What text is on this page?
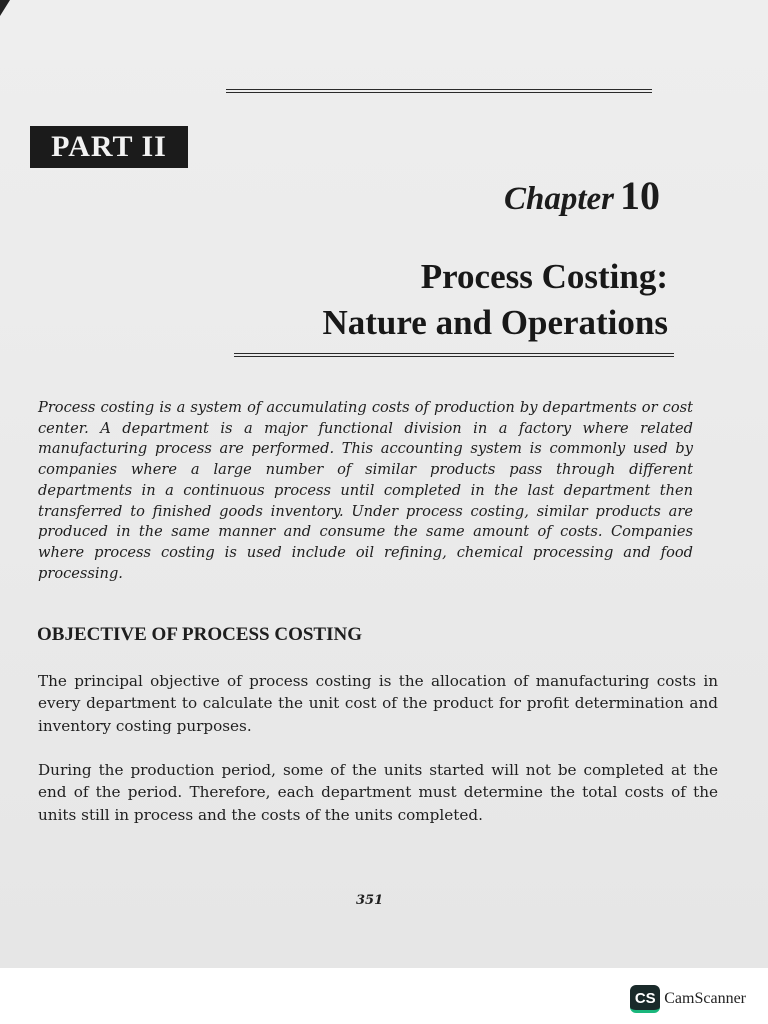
PART II
Chapter 10
Process Costing:
Nature and Operations
Process costing is a system of accumulating costs of production by departments or cost center. A department is a major functional division in a factory where related manufacturing process are performed. This accounting system is commonly used by companies where a large number of similar products pass through different departments in a continuous process until completed in the last department then transferred to finished goods inventory. Under process costing, similar products are produced in the same manner and consume the same amount of costs. Companies where process costing is used include oil refining, chemical processing and food processing.
OBJECTIVE OF PROCESS COSTING
The principal objective of process costing is the allocation of manufacturing costs in every department to calculate the unit cost of the product for profit determination and inventory costing purposes.
During the production period, some of the units started will not be completed at the end of the period. Therefore, each department must determine the total costs of the units still in process and the costs of the units completed.
351
CS CamScanner
